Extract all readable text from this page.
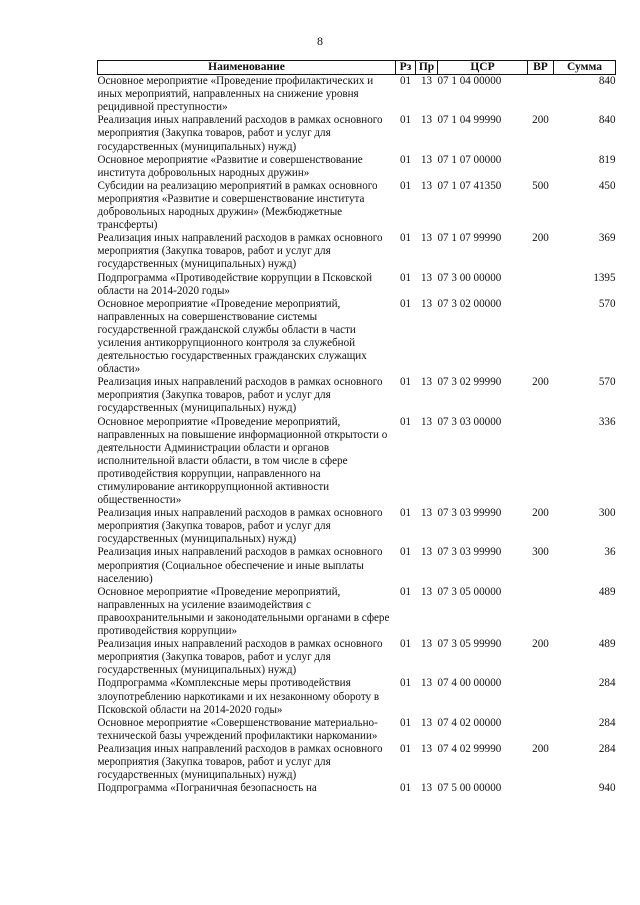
8
Наименование	Рз	Пр	ЦСР	ВР	Сумма
Основное мероприятие «Проведение профилактических и иных мероприятий, направленных на снижение уровня рецидивной преступности»	01	13	07 1 04 00000		840
Реализация иных направлений расходов в рамках основного мероприятия (Закупка товаров, работ и услуг для государственных (муниципальных) нужд)	01	13	07 1 04 99990	200	840
Основное мероприятие «Развитие и совершенствование института добровольных народных дружин»	01	13	07 1 07 00000		819
Субсидии на реализацию мероприятий в рамках основного мероприятия «Развитие и совершенствование института добровольных народных дружин» (Межбюджетные трансферты)	01	13	07 1 07 41350	500	450
Реализация иных направлений расходов в рамках основного мероприятия (Закупка товаров, работ и услуг для государственных (муниципальных) нужд)	01	13	07 1 07 99990	200	369
Подпрограмма «Противодействие коррупции в Псковской области на 2014-2020 годы»	01	13	07 3 00 00000		1395
Основное мероприятие «Проведение мероприятий, направленных на совершенствование системы государственной гражданской службы области в части усиления антикоррупционного контроля за служебной деятельностью государственных гражданских служащих области»	01	13	07 3 02 00000		570
Реализация иных направлений расходов в рамках основного мероприятия (Закупка товаров, работ и услуг для государственных (муниципальных) нужд)	01	13	07 3 02 99990	200	570
Основное мероприятие «Проведение мероприятий, направленных на повышение информационной открытости о деятельности Администрации области и органов исполнительной власти области, в том числе в сфере противодействия коррупции, направленного на стимулирование антикоррупционной активности общественности»	01	13	07 3 03 00000		336
Реализация иных направлений расходов в рамках основного мероприятия (Закупка товаров, работ и услуг для государственных (муниципальных) нужд)	01	13	07 3 03 99990	200	300
Реализация иных направлений расходов в рамках основного мероприятия (Социальное обеспечение и иные выплаты населению)	01	13	07 3 03 99990	300	36
Основное мероприятие «Проведение мероприятий, направленных на усиление взаимодействия с правоохранительными и законодательными органами в сфере противодействия коррупции»	01	13	07 3 05 00000		489
Реализация иных направлений расходов в рамках основного мероприятия (Закупка товаров, работ и услуг для государственных (муниципальных) нужд)	01	13	07 3 05 99990	200	489
Подпрограмма «Комплексные меры противодействия злоупотреблению наркотиками и их незаконному обороту в Псковской области на 2014-2020 годы»	01	13	07 4 00 00000		284
Основное мероприятие «Совершенствование материально-технической базы учреждений профилактики наркомании»	01	13	07 4 02 00000		284
Реализация иных направлений расходов в рамках основного мероприятия (Закупка товаров, работ и услуг для государственных (муниципальных) нужд)	01	13	07 4 02 99990	200	284
Подпрограмма «Пограничная безопасность на	01	13	07 5 00 00000		940
